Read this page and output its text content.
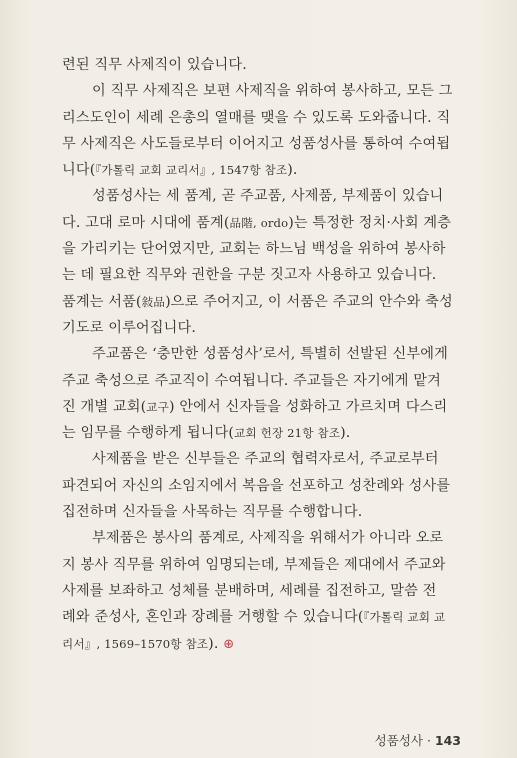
련된 직무 사제직이 있습니다.
이 직무 사제직은 보편 사제직을 위하여 봉사하고, 모든 그
리스도인이 세례 은총의 열매를 맺을 수 있도록 도와줍니다. 직
무 사제직은 사도들로부터 이어지고 성품성사를 통하여 수여됩
니다(『가톨릭 교회 교리서』, 1547항 참조).
성품성사는 세 품계, 곧 주교품, 사제품, 부제품이 있습니
다. 고대 로마 시대에 품계(品階, ordo)는 특정한 정치·사회 계층
을 가리키는 단어였지만, 교회는 하느님 백성을 위하여 봉사하
는 데 필요한 직무와 권한을 구분 짓고자 사용하고 있습니다.
품계는 서품(敍品)으로 주어지고, 이 서품은 주교의 안수와 축성
기도로 이루어집니다.
주교품은 ‘충만한 성품성사’로서, 특별히 선발된 신부에게
주교 축성으로 주교직이 수여됩니다. 주교들은 자기에게 맡겨
진 개별 교회(교구) 안에서 신자들을 성화하고 가르치며 다스리
는 임무를 수행하게 됩니다(교회 헌장 21항 참조).
사제품을 받은 신부들은 주교의 협력자로서, 주교로부터
파견되어 자신의 소임지에서 복음을 선포하고 성찬례와 성사를
집전하며 신자들을 사목하는 직무를 수행합니다.
부제품은 봉사의 품계로, 사제직을 위해서가 아니라 오로
지 봉사 직무를 위하여 임명되는데, 부제들은 제대에서 주교와
사제를 보좌하고 성체를 분배하며, 세례를 집전하고, 말씀 전
례와 준성사, 혼인과 장례를 거행할 수 있습니다(『가톨릭 교회 교
리서』, 1569–1570항 참조). ⊕
성품성사 · 143
